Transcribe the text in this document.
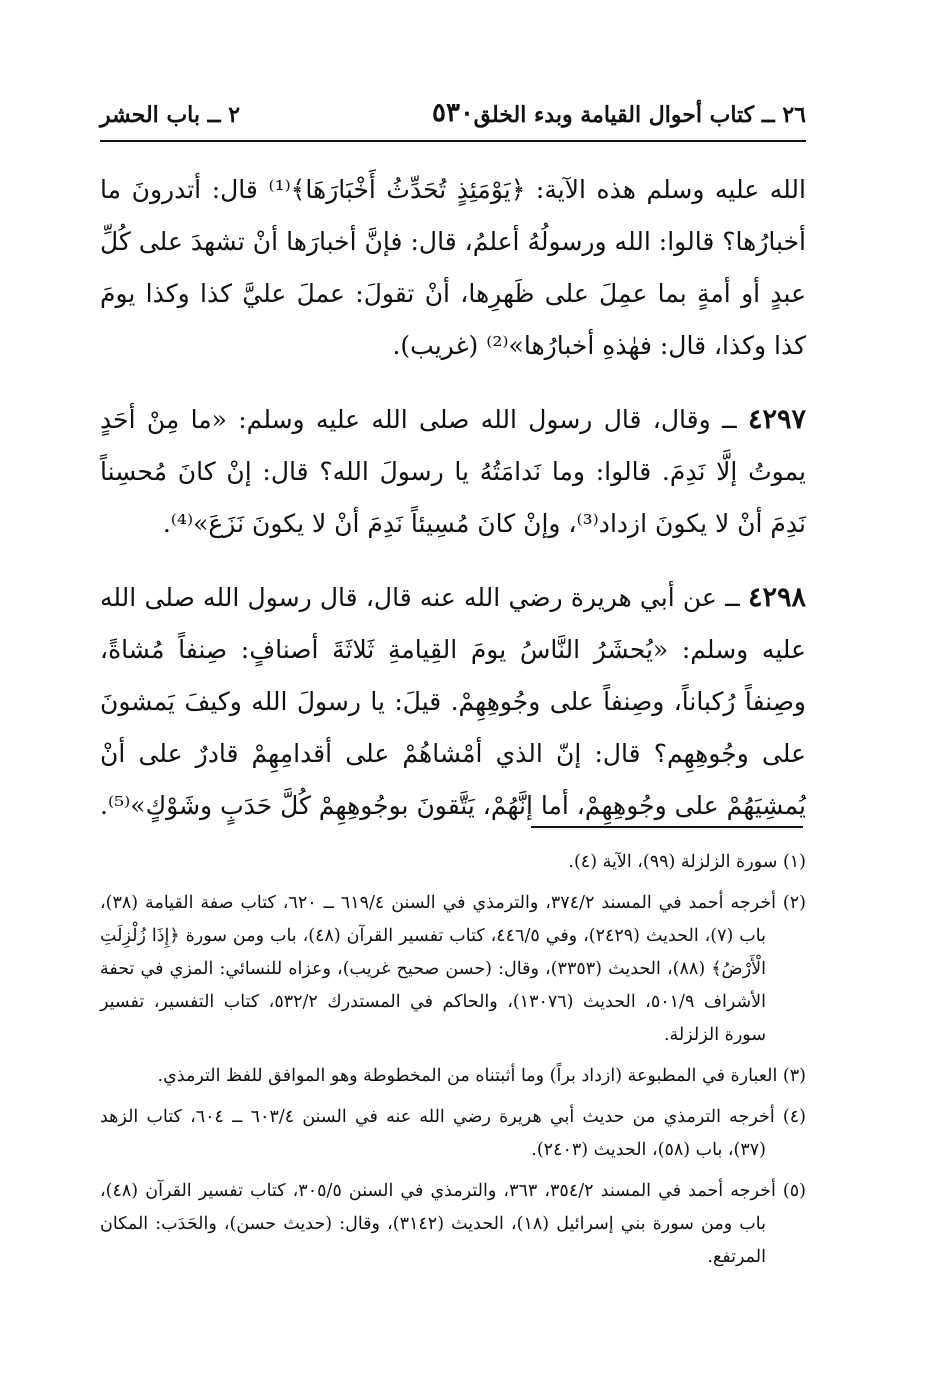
٢٦ ــ كتاب أحوال القيامة وبدء الخلق
٥٣٠
٢ ــ باب الحشر

الله عليه وسلم هذه الآية: ﴿يَوْمَئِذٍ تُحَدِّثُ أَخْبَارَهَا﴾⁽¹⁾ قال: أتدرونَ ما أخبارُها؟ قالوا: الله ورسولُهُ أعلمُ، قال: فإنَّ أخبارَها أنْ تشهدَ على كُلِّ عبدٍ أو أمةٍ بما عمِلَ على ظَهرِها، أنْ تقولَ: عملَ عليَّ كذا وكذا يومَ كذا وكذا، قال: فهٰذهِ أخبارُها»⁽²⁾ (غريب).

٤٢٩٧ ــ وقال، قال رسول الله صلى الله عليه وسلم: «ما مِنْ أحَدٍ يموتُ إلَّا نَدِمَ. قالوا: وما نَدامَتُهُ يا رسولَ الله؟ قال: إنْ كانَ مُحسِناً نَدِمَ أنْ لا يكونَ ازداد⁽³⁾، وإنْ كانَ مُسِيئاً نَدِمَ أنْ لا يكونَ نَزَعَ»⁽⁴⁾.

٤٢٩٨ ــ عن أبي هريرة رضي الله عنه قال، قال رسول الله صلى الله عليه وسلم: «يُحشَرُ النَّاسُ يومَ القِيامةِ ثَلاثَةَ أصنافٍ: صِنفاً مُشاةً، وصِنفاً رُكباناً، وصِنفاً على وجُوهِهِمْ. قيلَ: يا رسولَ الله وكيفَ يَمشونَ على وجُوهِهِم؟ قال: إنّ الذي أمْشاهُمْ على أقدامِهِمْ قادرٌ على أنْ يُمشِيَهُمْ على وجُوهِهِمْ، أما إنَّهُمْ، يَتَّقونَ بوجُوهِهِمْ كُلَّ حَدَبٍ وشَوْكٍ»⁽⁵⁾.

(١) سورة الزلزلة (٩٩)، الآية (٤).
(٢) أخرجه أحمد في المسند ٣٧٤/٢، والترمذي في السنن ٦١٩/٤ ــ ٦٢٠، كتاب صفة القيامة (٣٨)، باب (٧)، الحديث (٢٤٢٩)، وفي ٤٤٦/٥، كتاب تفسير القرآن (٤٨)، باب ومن سورة ﴿إِذَا زُلْزِلَتِ الْأَرْضُ﴾ (٨٨)، الحديث (٣٣٥٣)، وقال: (حسن صحيح غريب)، وعزاه للنسائي: المزي في تحفة الأشراف ٥٠١/٩، الحديث (١٣٠٧٦)، والحاكم في المستدرك ٥٣٢/٢، كتاب التفسير، تفسير سورة الزلزلة.
(٣) العبارة في المطبوعة (ازداد براً) وما أثبتناه من المخطوطة وهو الموافق للفظ الترمذي.
(٤) أخرجه الترمذي من حديث أبي هريرة رضي الله عنه في السنن ٦٠٣/٤ ــ ٦٠٤، كتاب الزهد (٣٧)، باب (٥٨)، الحديث (٢٤٠٣).
(٥) أخرجه أحمد في المسند ٣٥٤/٢، ٣٦٣، والترمذي في السنن ٣٠٥/٥، كتاب تفسير القرآن (٤٨)، باب ومن سورة بني إسرائيل (١٨)، الحديث (٣١٤٢)، وقال: (حديث حسن)، والحَدَب: المكان المرتفع.
